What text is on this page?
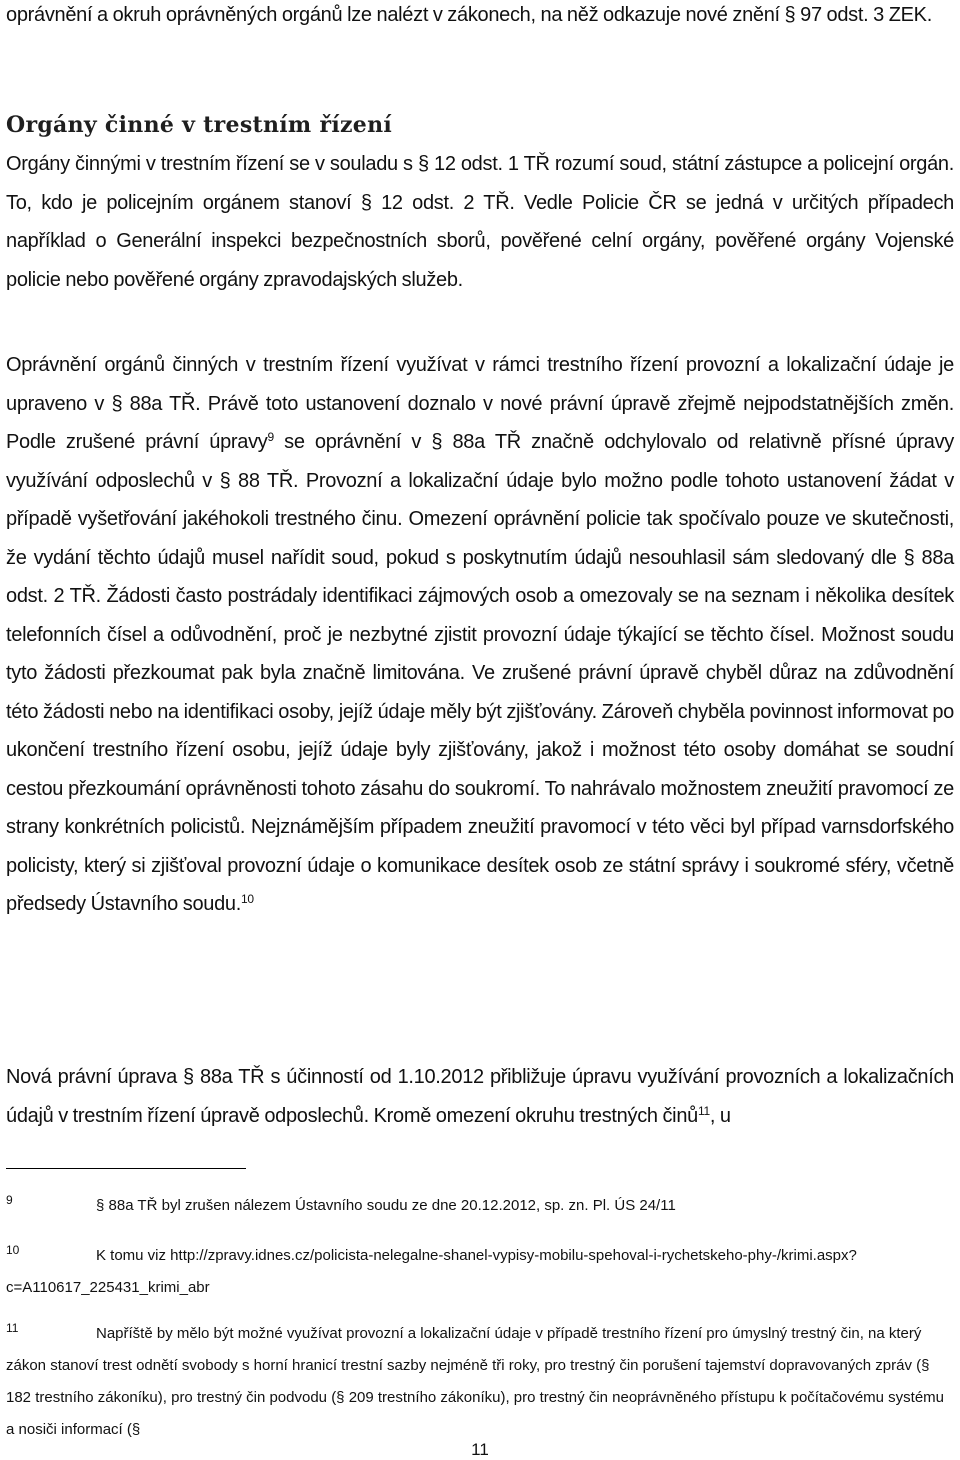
oprávnění a okruh oprávněných orgánů lze nalézt v zákonech, na něž odkazuje nové znění § 97 odst. 3 ZEK.

Orgány činné v trestním řízení

Orgány činnými v trestním řízení se v souladu s § 12 odst. 1 TŘ rozumí soud, státní zástupce a policejní orgán. To, kdo je policejním orgánem stanoví § 12 odst. 2 TŘ. Vedle Policie ČR se jedná v určitých případech například o Generální inspekci bezpečnostních sborů, pověřené celní orgány, pověřené orgány Vojenské policie nebo pověřené orgány zpravodajských služeb.

Oprávnění orgánů činných v trestním řízení využívat v rámci trestního řízení provozní a lokalizační údaje je upraveno v § 88a TŘ. Právě toto ustanovení doznalo v nové právní úpravě zřejmě nejpodstatnějších změn. Podle zrušené právní úpravy$^9$ se oprávnění v § 88a TŘ značně odchylovalo od relativně přísné úpravy využívání odposlechů v § 88 TŘ. Provozní a lokalizační údaje bylo možno podle tohoto ustanovení žádat v případě vyšetřování jakéhokoli trestného činu. Omezení oprávnění policie tak spočívalo pouze ve skutečnosti, že vydání těchto údajů musel nařídit soud, pokud s poskytnutím údajů nesouhlasil sám sledovaný dle § 88a odst. 2 TŘ. Žádosti často postrádaly identifikaci zájmových osob a omezovaly se na seznam i několika desítek telefonních čísel a odůvodnění, proč je nezbytné zjistit provozní údaje týkající se těchto čísel. Možnost soudu tyto žádosti přezkoumat pak byla značně limitována. Ve zrušené právní úpravě chyběl důraz na zdůvodnění této žádosti nebo na identifikaci osoby, jejíž údaje měly být zjišťovány. Zároveň chyběla povinnost informovat po ukončení trestního řízení osobu, jejíž údaje byly zjišťovány, jakož i možnost této osoby domáhat se soudní cestou přezkoumání oprávněnosti tohoto zásahu do soukromí. To nahrávalo možnostem zneužití pravomocí ze strany konkrétních policistů. Nejznámějším případem zneužití pravomocí v této věci byl případ varnsdorfského policisty, který si zjišťoval provozní údaje o komunikace desítek osob ze státní správy i soukromé sféry, včetně předsedy Ústavního soudu.$^{10}$

Nová právní úprava § 88a TŘ s účinností od 1.10.2012 přibližuje úpravu využívání provozních a lokalizačních údajů v trestním řízení úpravě odposlechů. Kromě omezení okruhu trestných činů$^{11}$, u

9	§ 88a TŘ byl zrušen nálezem Ústavního soudu ze dne 20.12.2012, sp. zn. Pl. ÚS 24/11
10	K tomu viz http://zpravy.idnes.cz/policista-nelegalne-shanel-vypisy-mobilu-spehoval-i-rychetskeho-phy-/krimi.aspx?c=A110617_225431_krimi_abr
11	Napříště by mělo být možné využívat provozní a lokalizační údaje v případě trestního řízení pro úmyslný trestný čin, na který zákon stanoví trest odnětí svobody s horní hranicí trestní sazby nejméně tři roky, pro trestný čin porušení tajemství dopravovaných zpráv (§ 182 trestního zákoníku), pro trestný čin podvodu (§ 209 trestního zákoníku), pro trestný čin neoprávněného přístupu k počítačovému systému a nosiči informací (§
11
